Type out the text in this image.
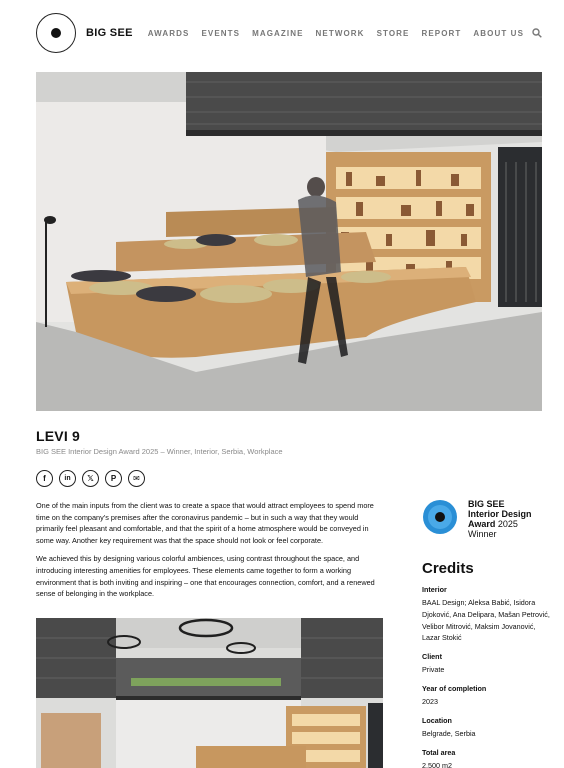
BIG SEE AWARDS EVENTS MAGAZINE NETWORK STORE REPORT ABOUT US
LEVI 9
BIG SEE Interior Design Award 2025 – Winner, Interior, Serbia, Workplace
f	in	𝕏	P	✉

One of the main inputs from the client was to create a space that would attract employees to spend more time on the company’s premises after the coronavirus pandemic – but in such a way that they would primarily feel pleasant and comfortable, and that the spirit of a home atmosphere would be conveyed in some way. Another key requirement was that the space should not look or feel corporate.

We achieved this by designing various colorful ambiences, using contrast throughout the space, and introducing interesting amenities for employees. These elements came together to form a working environment that is both inviting and inspiring – one that encourages connection, comfort, and a renewed sense of belonging in the workplace.

BIG SEE
Interior Design
Award 2025
Winner
Credits
Interior
BAAL Design; Aleksa Babić, Isidora Djoković, Ana Delipara, Mašan Petrović, Velibor Mitrović, Maksim Jovanović, Lazar Stokić
Client
Private
Year of completion
2023
Location
Belgrade, Serbia
Total area
2.500 m2
